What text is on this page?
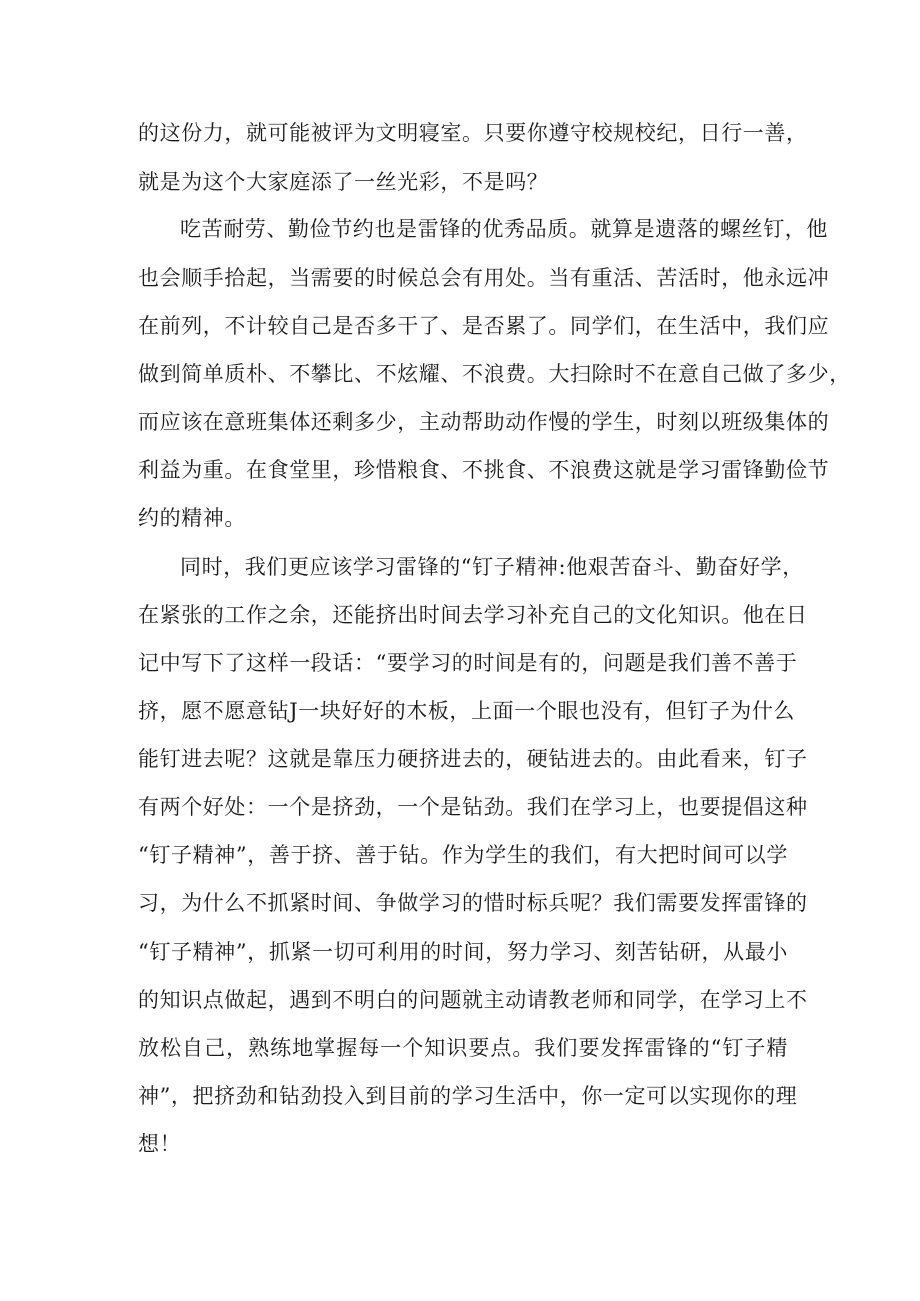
的这份力，就可能被评为文明寝室。只要你遵守校规校纪，日行一善，
就是为这个大家庭添了一丝光彩，不是吗？
吃苦耐劳、勤俭节约也是雷锋的优秀品质。就算是遗落的螺丝钉，他
也会顺手拾起，当需要的时候总会有用处。当有重活、苦活时，他永远冲
在前列，不计较自己是否多干了、是否累了。同学们，在生活中，我们应
做到简单质朴、不攀比、不炫耀、不浪费。大扫除时不在意自己做了多少，
而应该在意班集体还剩多少，主动帮助动作慢的学生，时刻以班级集体的
利益为重。在食堂里，珍惜粮食、不挑食、不浪费这就是学习雷锋勤俭节
约的精神。
同时，我们更应该学习雷锋的“钉子精神:他艰苦奋斗、勤奋好学，
在紧张的工作之余，还能挤出时间去学习补充自己的文化知识。他在日
记中写下了这样一段话：“要学习的时间是有的，问题是我们善不善于
挤，愿不愿意钻J一块好好的木板，上面一个眼也没有，但钉子为什么
能钉进去呢？这就是靠压力硬挤进去的，硬钻进去的。由此看来，钉子
有两个好处：一个是挤劲，一个是钻劲。我们在学习上，也要提倡这种
“钉子精神”，善于挤、善于钻。作为学生的我们，有大把时间可以学
习，为什么不抓紧时间、争做学习的惜时标兵呢？我们需要发挥雷锋的
“钉子精神”，抓紧一切可利用的时间，努力学习、刻苦钻研，从最小
的知识点做起，遇到不明白的问题就主动请教老师和同学，在学习上不
放松自己，熟练地掌握每一个知识要点。我们要发挥雷锋的“钉子精
神”，把挤劲和钻劲投入到目前的学习生活中，你一定可以实现你的理
想！
